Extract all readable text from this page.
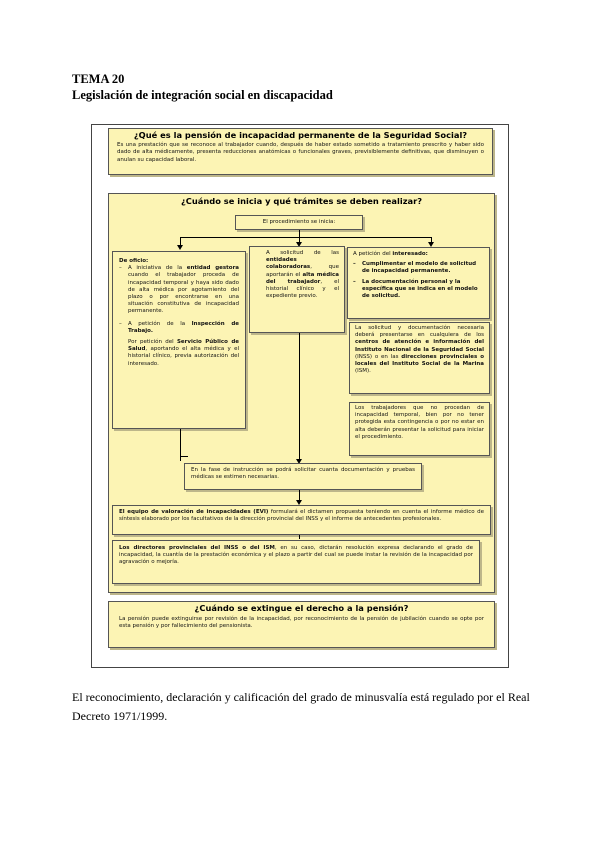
TEMA 20
Legislación de integración social en discapacidad
¿Qué es la pensión de incapacidad permanente de la Seguridad Social?
Es una prestación que se reconoce al trabajador cuando, después de haber estado sometido a tratamiento prescrito y haber sido dado de alta médicamente, presenta reducciones anatómicas o funcionales graves, previsiblemente definitivas, que disminuyen o anulan su capacidad laboral.
¿Cuándo se inicia y qué trámites se deben realizar?
El procedimiento se inicia:
De oficio:
– A iniciativa de la entidad gestora cuando el trabajador proceda de incapacidad temporal y haya sido dado de alta médica por agotamiento del plazo o por encontrarse en una situación constitutiva de incapacidad permanente.
– A petición de la Inspección de Trabajo.
Por petición del Servicio Público de Salud, aportando el alta médica y el historial clínico, previa autorización del interesado.
A solicitud de las entidades colaboradoras, que aportarán el alta médica del trabajador, el historial clínico y el expediente previo.
A petición del interesado:
– Cumplimentar el modelo de solicitud de incapacidad permanente.
– La documentación personal y la específica que se indica en el modelo de solicitud.
La solicitud y documentación necesaria deberá presentarse en cualquiera de los centros de atención e información del Instituto Nacional de la Seguridad Social (INSS) o en las direcciones provinciales o locales del Instituto Social de la Marina (ISM).
Los trabajadores que no procedan de incapacidad temporal, bien por no tener protegida esta contingencia o por no estar en alta deberán presentar la solicitud para iniciar el procedimiento.
En la fase de instrucción se podrá solicitar cuanta documentación y pruebas médicas se estimen necesarias.
El equipo de valoración de incapacidades (EVI) formulará el dictamen propuesta teniendo en cuenta el informe médico de síntesis elaborado por los facultativos de la dirección provincial del INSS y el informe de antecedentes profesionales.
Los directores provinciales del INSS o del ISM, en su caso, dictarán resolución expresa declarando el grado de incapacidad, la cuantía de la prestación económica y el plazo a partir del cual se puede instar la revisión de la incapacidad por agravación o mejoría.
¿Cuándo se extingue el derecho a la pensión?
La pensión puede extinguirse por revisión de la incapacidad, por reconocimiento de la pensión de jubilación cuando se opte por esta pensión y por fallecimiento del pensionista.
El reconocimiento, declaración y calificación del grado de minusvalía está regulado por el Real Decreto 1971/1999.
